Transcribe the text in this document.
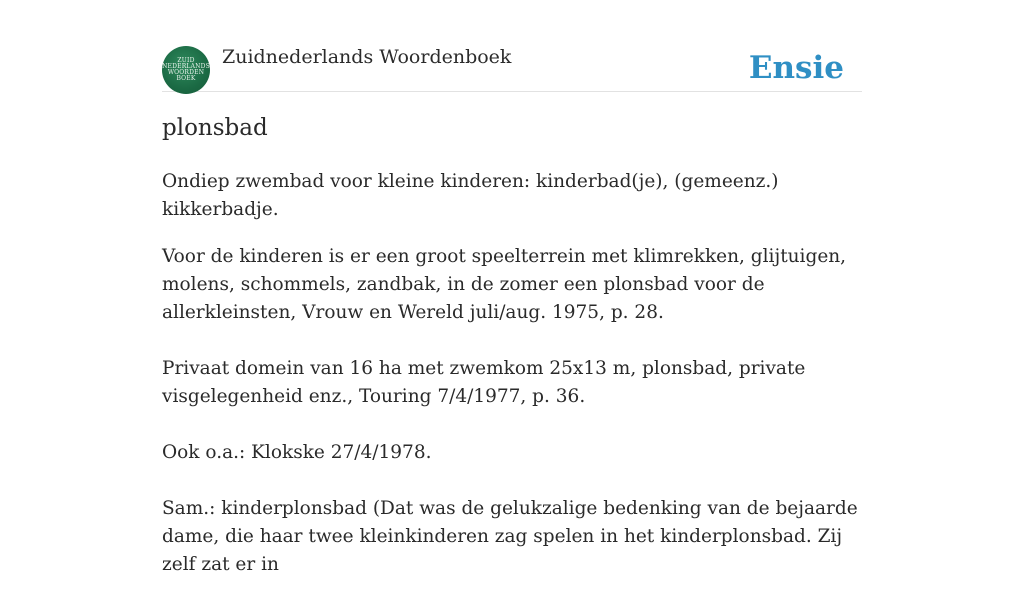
ZUID
NEDERLANDS
WOORDEN
BOEK
Zuidnederlands Woordenboek	Ensie
plonsbad

Ondiep zwembad voor kleine kinderen: kinderbad(je), (gemeenz.) kikkerbadje.

Voor de kinderen is er een groot speelterrein met klimrekken, glijtuigen, molens, schommels, zandbak, in de zomer een plonsbad voor de allerkleinsten, Vrouw en Wereld juli/aug. 1975, p. 28.

Privaat domein van 16 ha met zwemkom 25x13 m, plonsbad, private visgelegenheid enz., Touring 7/4/1977, p. 36.

Ook o.a.: Klokske 27/4/1978.

Sam.: kinderplonsbad (Dat was de gelukzalige bedenking van de bejaarde dame, die haar twee kleinkinderen zag spelen in het kinderplonsbad. Zij zelf zat er in
